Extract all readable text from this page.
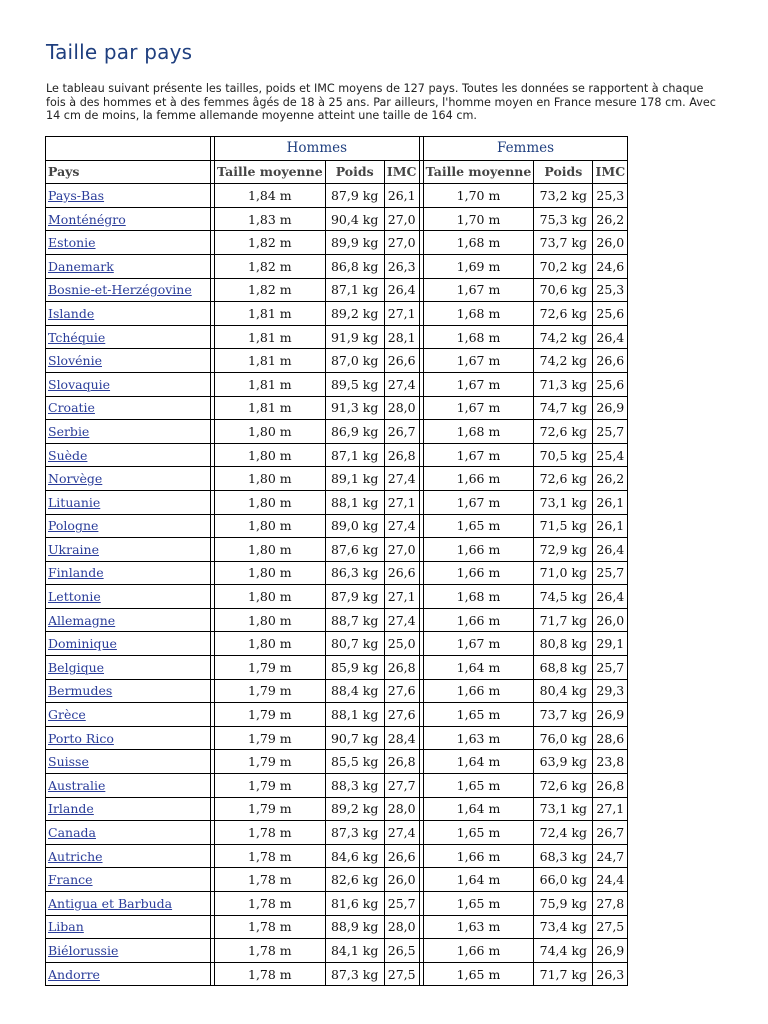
Taille par pays

Le tableau suivant présente les tailles, poids et IMC moyens de 127 pays. Toutes les données se rapportent à chaque fois à des hommes et à des femmes âgés de 18 à 25 ans. Par ailleurs, l'homme moyen en France mesure 178 cm. Avec 14 cm de moins, la femme allemande moyenne atteint une taille de 164 cm.

		Hommes				Femmes		
Pays		Taille moyenne	Poids	IMC		Taille moyenne	Poids	IMC
Pays-Bas		1,84 m	87,9 kg	26,1		1,70 m	73,2 kg	25,3
Monténégro		1,83 m	90,4 kg	27,0		1,70 m	75,3 kg	26,2
Estonie		1,82 m	89,9 kg	27,0		1,68 m	73,7 kg	26,0
Danemark		1,82 m	86,8 kg	26,3		1,69 m	70,2 kg	24,6
Bosnie-et-Herzégovine		1,82 m	87,1 kg	26,4		1,67 m	70,6 kg	25,3
Islande		1,81 m	89,2 kg	27,1		1,68 m	72,6 kg	25,6
Tchéquie		1,81 m	91,9 kg	28,1		1,68 m	74,2 kg	26,4
Slovénie		1,81 m	87,0 kg	26,6		1,67 m	74,2 kg	26,6
Slovaquie		1,81 m	89,5 kg	27,4		1,67 m	71,3 kg	25,6
Croatie		1,81 m	91,3 kg	28,0		1,67 m	74,7 kg	26,9
Serbie		1,80 m	86,9 kg	26,7		1,68 m	72,6 kg	25,7
Suède		1,80 m	87,1 kg	26,8		1,67 m	70,5 kg	25,4
Norvège		1,80 m	89,1 kg	27,4		1,66 m	72,6 kg	26,2
Lituanie		1,80 m	88,1 kg	27,1		1,67 m	73,1 kg	26,1
Pologne		1,80 m	89,0 kg	27,4		1,65 m	71,5 kg	26,1
Ukraine		1,80 m	87,6 kg	27,0		1,66 m	72,9 kg	26,4
Finlande		1,80 m	86,3 kg	26,6		1,66 m	71,0 kg	25,7
Lettonie		1,80 m	87,9 kg	27,1		1,68 m	74,5 kg	26,4
Allemagne		1,80 m	88,7 kg	27,4		1,66 m	71,7 kg	26,0
Dominique		1,80 m	80,7 kg	25,0		1,67 m	80,8 kg	29,1
Belgique		1,79 m	85,9 kg	26,8		1,64 m	68,8 kg	25,7
Bermudes		1,79 m	88,4 kg	27,6		1,66 m	80,4 kg	29,3
Grèce		1,79 m	88,1 kg	27,6		1,65 m	73,7 kg	26,9
Porto Rico		1,79 m	90,7 kg	28,4		1,63 m	76,0 kg	28,6
Suisse		1,79 m	85,5 kg	26,8		1,64 m	63,9 kg	23,8
Australie		1,79 m	88,3 kg	27,7		1,65 m	72,6 kg	26,8
Irlande		1,79 m	89,2 kg	28,0		1,64 m	73,1 kg	27,1
Canada		1,78 m	87,3 kg	27,4		1,65 m	72,4 kg	26,7
Autriche		1,78 m	84,6 kg	26,6		1,66 m	68,3 kg	24,7
France		1,78 m	82,6 kg	26,0		1,64 m	66,0 kg	24,4
Antigua et Barbuda		1,78 m	81,6 kg	25,7		1,65 m	75,9 kg	27,8
Liban		1,78 m	88,9 kg	28,0		1,63 m	73,4 kg	27,5
Biélorussie		1,78 m	84,1 kg	26,5		1,66 m	74,4 kg	26,9
Andorre		1,78 m	87,3 kg	27,5		1,65 m	71,7 kg	26,3
